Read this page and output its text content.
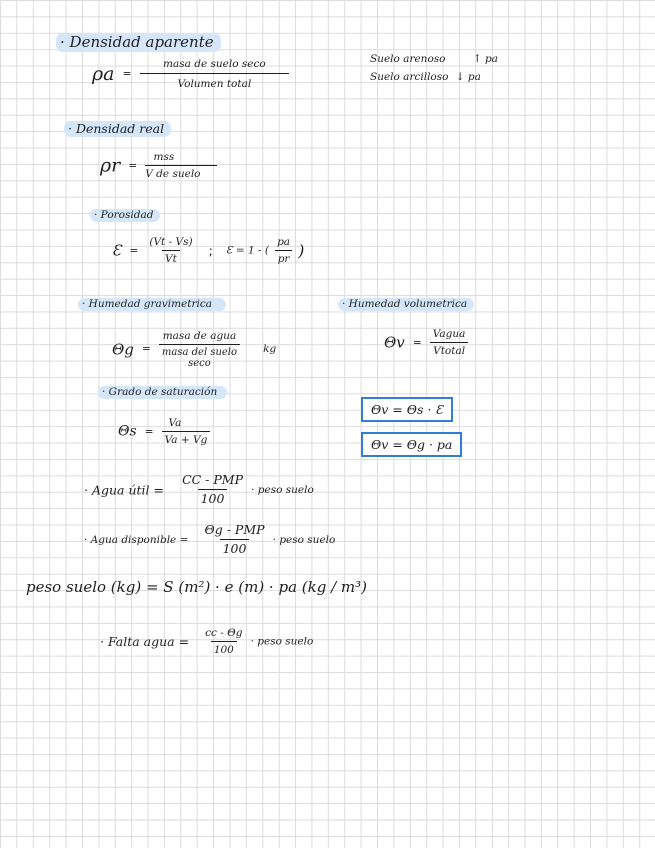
· Densidad aparente
$\rho a = \frac{\text{masa de suelo seco}}{\text{Volumen total}}$	Suelo arenoso	↑ pa
Suelo arcilloso ↓ pa
· Densidad real
$\rho r = \frac{\text{mss}}{\text{V de suelo}}$
· Porosidad
Ɛ = $\frac{(Vt - Vs)}{Vt}$ ; Ɛ = 1 - ( $\frac{pa}{pr}$ )
· Humedad gravimetrica
Θg =
masa de agua
masa del suelo
seco
kg
· Humedad volumetrica
$\Theta v = \frac{\text{Vagua}}{\text{Vtotal}}$
Θv = Θs · Ɛ
Θv = Θg · pa
· Grado de saturación
$\Theta s = \frac{Va}{Va + Vg}$
· Agua útil = $\frac{\text{CC - PMP}}{100}$ · peso suelo
· Agua disponible = $\frac{\text{Θg - PMP}}{100}$ · peso suelo
peso suelo (kg) = S (m²) · e (m) · pa (kg / m³)
· Falta agua = $\frac{cc - \Theta g}{100}$ · peso suelo
